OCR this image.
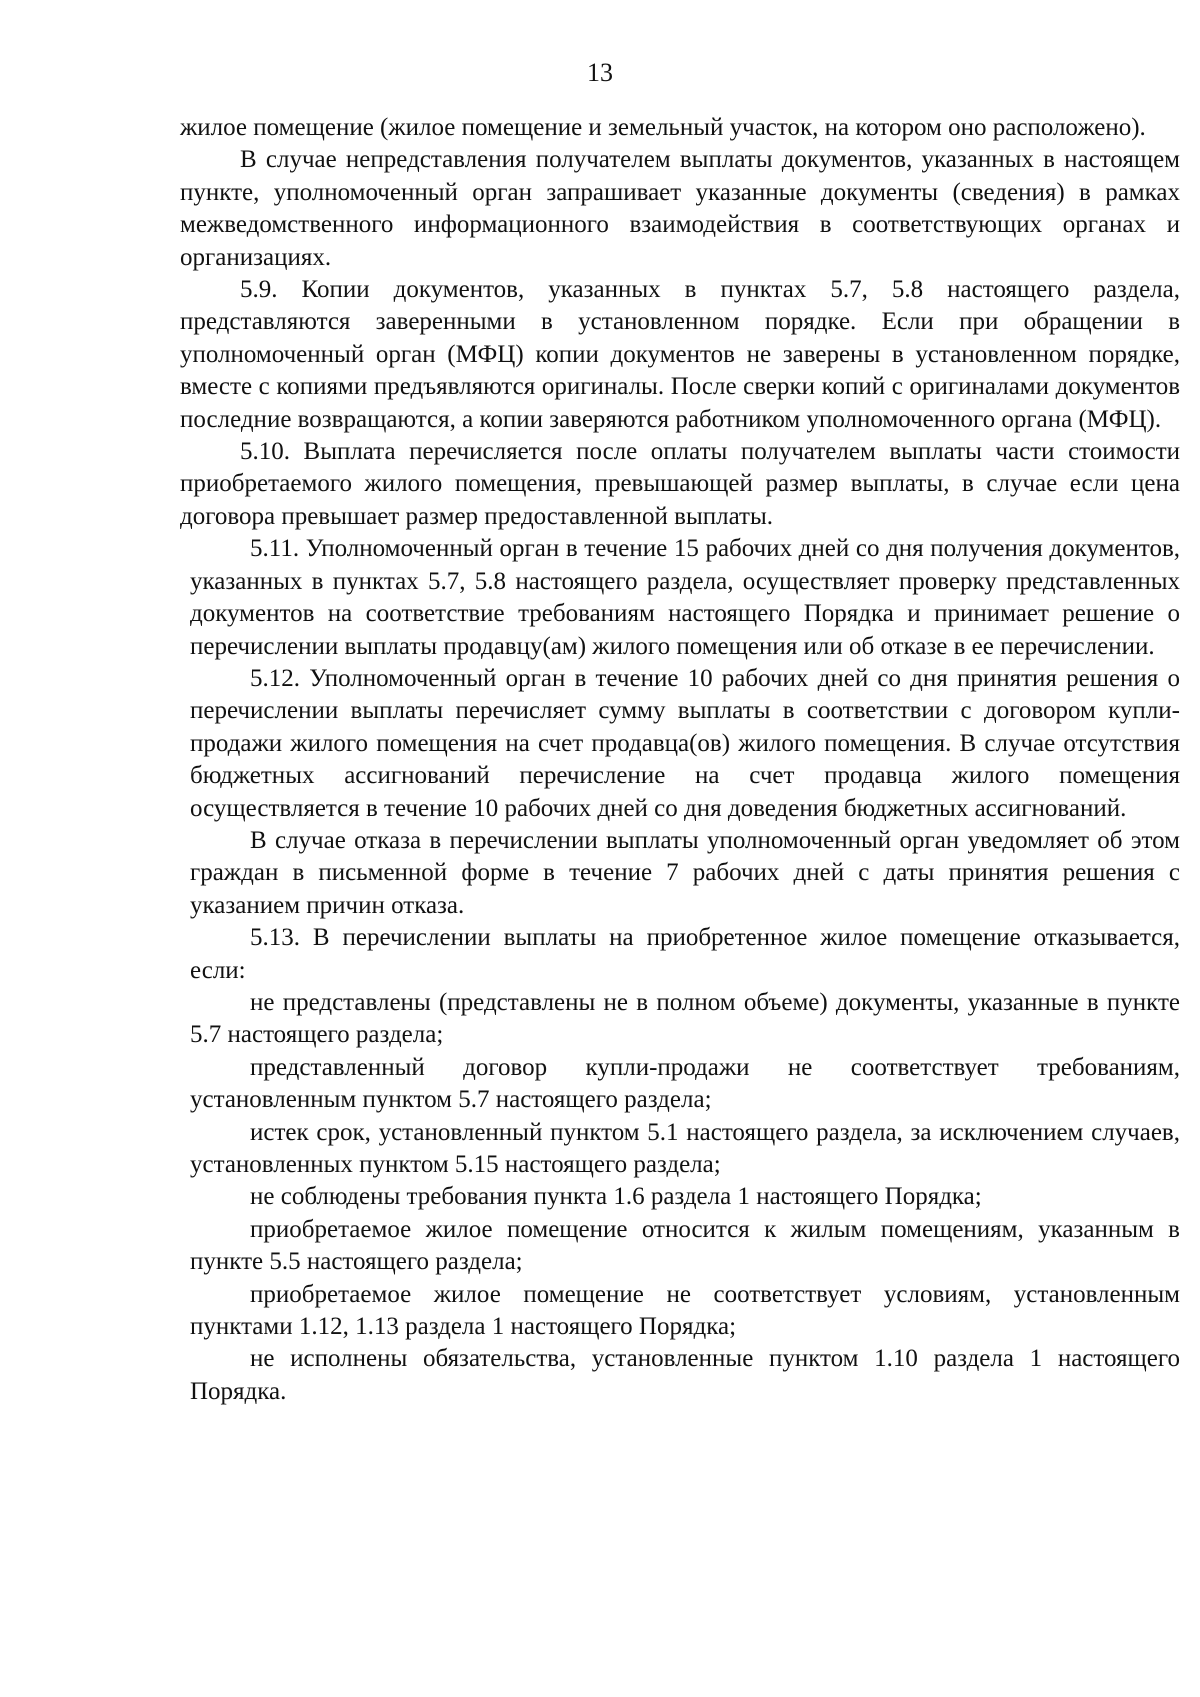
13

жилое помещение (жилое помещение и земельный участок, на котором оно расположено).

В случае непредставления получателем выплаты документов, указанных в настоящем пункте, уполномоченный орган запрашивает указанные документы (сведения) в рамках межведомственного информационного взаимодействия в соответствующих органах и организациях.

5.9. Копии документов, указанных в пунктах 5.7, 5.8 настоящего раздела, представляются заверенными в установленном порядке. Если при обращении в уполномоченный орган (МФЦ) копии документов не заверены в установленном порядке, вместе с копиями предъявляются оригиналы. После сверки копий с оригиналами документов последние возвращаются, а копии заверяются работником уполномоченного органа (МФЦ).

5.10. Выплата перечисляется после оплаты получателем выплаты части стоимости приобретаемого жилого помещения, превышающей размер выплаты, в случае если цена договора превышает размер предоставленной выплаты.

5.11. Уполномоченный орган в течение 15 рабочих дней со дня получения документов, указанных в пунктах 5.7, 5.8 настоящего раздела, осуществляет проверку представленных документов на соответствие требованиям настоящего Порядка и принимает решение о перечислении выплаты продавцу(ам) жилого помещения или об отказе в ее перечислении.

5.12. Уполномоченный орган в течение 10 рабочих дней со дня принятия решения о перечислении выплаты перечисляет сумму выплаты в соответствии с договором купли-продажи жилого помещения на счет продавца(ов) жилого помещения. В случае отсутствия бюджетных ассигнований перечисление на счет продавца жилого помещения осуществляется в течение 10 рабочих дней со дня доведения бюджетных ассигнований.

В случае отказа в перечислении выплаты уполномоченный орган уведомляет об этом граждан в письменной форме в течение 7 рабочих дней с даты принятия решения с указанием причин отказа.

5.13. В перечислении выплаты на приобретенное жилое помещение отказывается, если:

не представлены (представлены не в полном объеме) документы, указанные в пункте 5.7 настоящего раздела;

представленный договор купли-продажи не соответствует требованиям, установленным пунктом 5.7 настоящего раздела;

истек срок, установленный пунктом 5.1 настоящего раздела, за исключением случаев, установленных пунктом 5.15 настоящего раздела;

не соблюдены требования пункта 1.6 раздела 1 настоящего Порядка;

приобретаемое жилое помещение относится к жилым помещениям, указанным в пункте 5.5 настоящего раздела;

приобретаемое жилое помещение не соответствует условиям, установленным пунктами 1.12, 1.13 раздела 1 настоящего Порядка;

не исполнены обязательства, установленные пунктом 1.10 раздела 1 настоящего Порядка.
